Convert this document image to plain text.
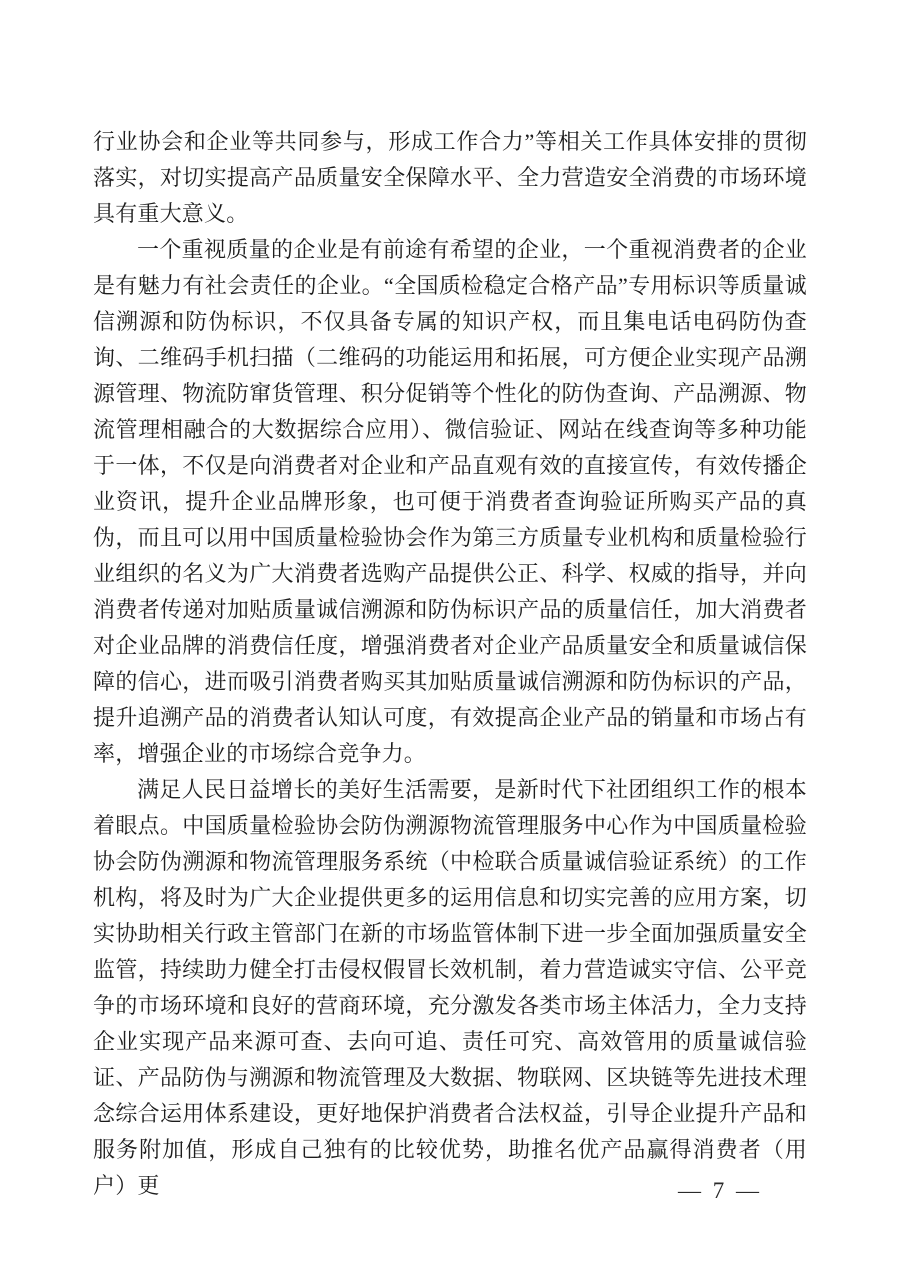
行业协会和企业等共同参与，形成工作合力”等相关工作具体安排的贯彻落实，对切实提高产品质量安全保障水平、全力营造安全消费的市场环境具有重大意义。

一个重视质量的企业是有前途有希望的企业，一个重视消费者的企业是有魅力有社会责任的企业。“全国质检稳定合格产品”专用标识等质量诚信溯源和防伪标识，不仅具备专属的知识产权，而且集电话电码防伪查询、二维码手机扫描（二维码的功能运用和拓展，可方便企业实现产品溯源管理、物流防窜货管理、积分促销等个性化的防伪查询、产品溯源、物流管理相融合的大数据综合应用）、微信验证、网站在线查询等多种功能于一体，不仅是向消费者对企业和产品直观有效的直接宣传，有效传播企业资讯，提升企业品牌形象，也可便于消费者查询验证所购买产品的真伪，而且可以用中国质量检验协会作为第三方质量专业机构和质量检验行业组织的名义为广大消费者选购产品提供公正、科学、权威的指导，并向消费者传递对加贴质量诚信溯源和防伪标识产品的质量信任，加大消费者对企业品牌的消费信任度，增强消费者对企业产品质量安全和质量诚信保障的信心，进而吸引消费者购买其加贴质量诚信溯源和防伪标识的产品，提升追溯产品的消费者认知认可度，有效提高企业产品的销量和市场占有率，增强企业的市场综合竞争力。

满足人民日益增长的美好生活需要，是新时代下社团组织工作的根本着眼点。中国质量检验协会防伪溯源物流管理服务中心作为中国质量检验协会防伪溯源和物流管理服务系统（中检联合质量诚信验证系统）的工作机构，将及时为广大企业提供更多的运用信息和切实完善的应用方案，切实协助相关行政主管部门在新的市场监管体制下进一步全面加强质量安全监管，持续助力健全打击侵权假冒长效机制，着力营造诚实守信、公平竞争的市场环境和良好的营商环境，充分激发各类市场主体活力，全力支持企业实现产品来源可查、去向可追、责任可究、高效管用的质量诚信验证、产品防伪与溯源和物流管理及大数据、物联网、区块链等先进技术理念综合运用体系建设，更好地保护消费者合法权益，引导企业提升产品和服务附加值，形成自己独有的比较优势，助推名优产品赢得消费者（用户）更	— 7 —
